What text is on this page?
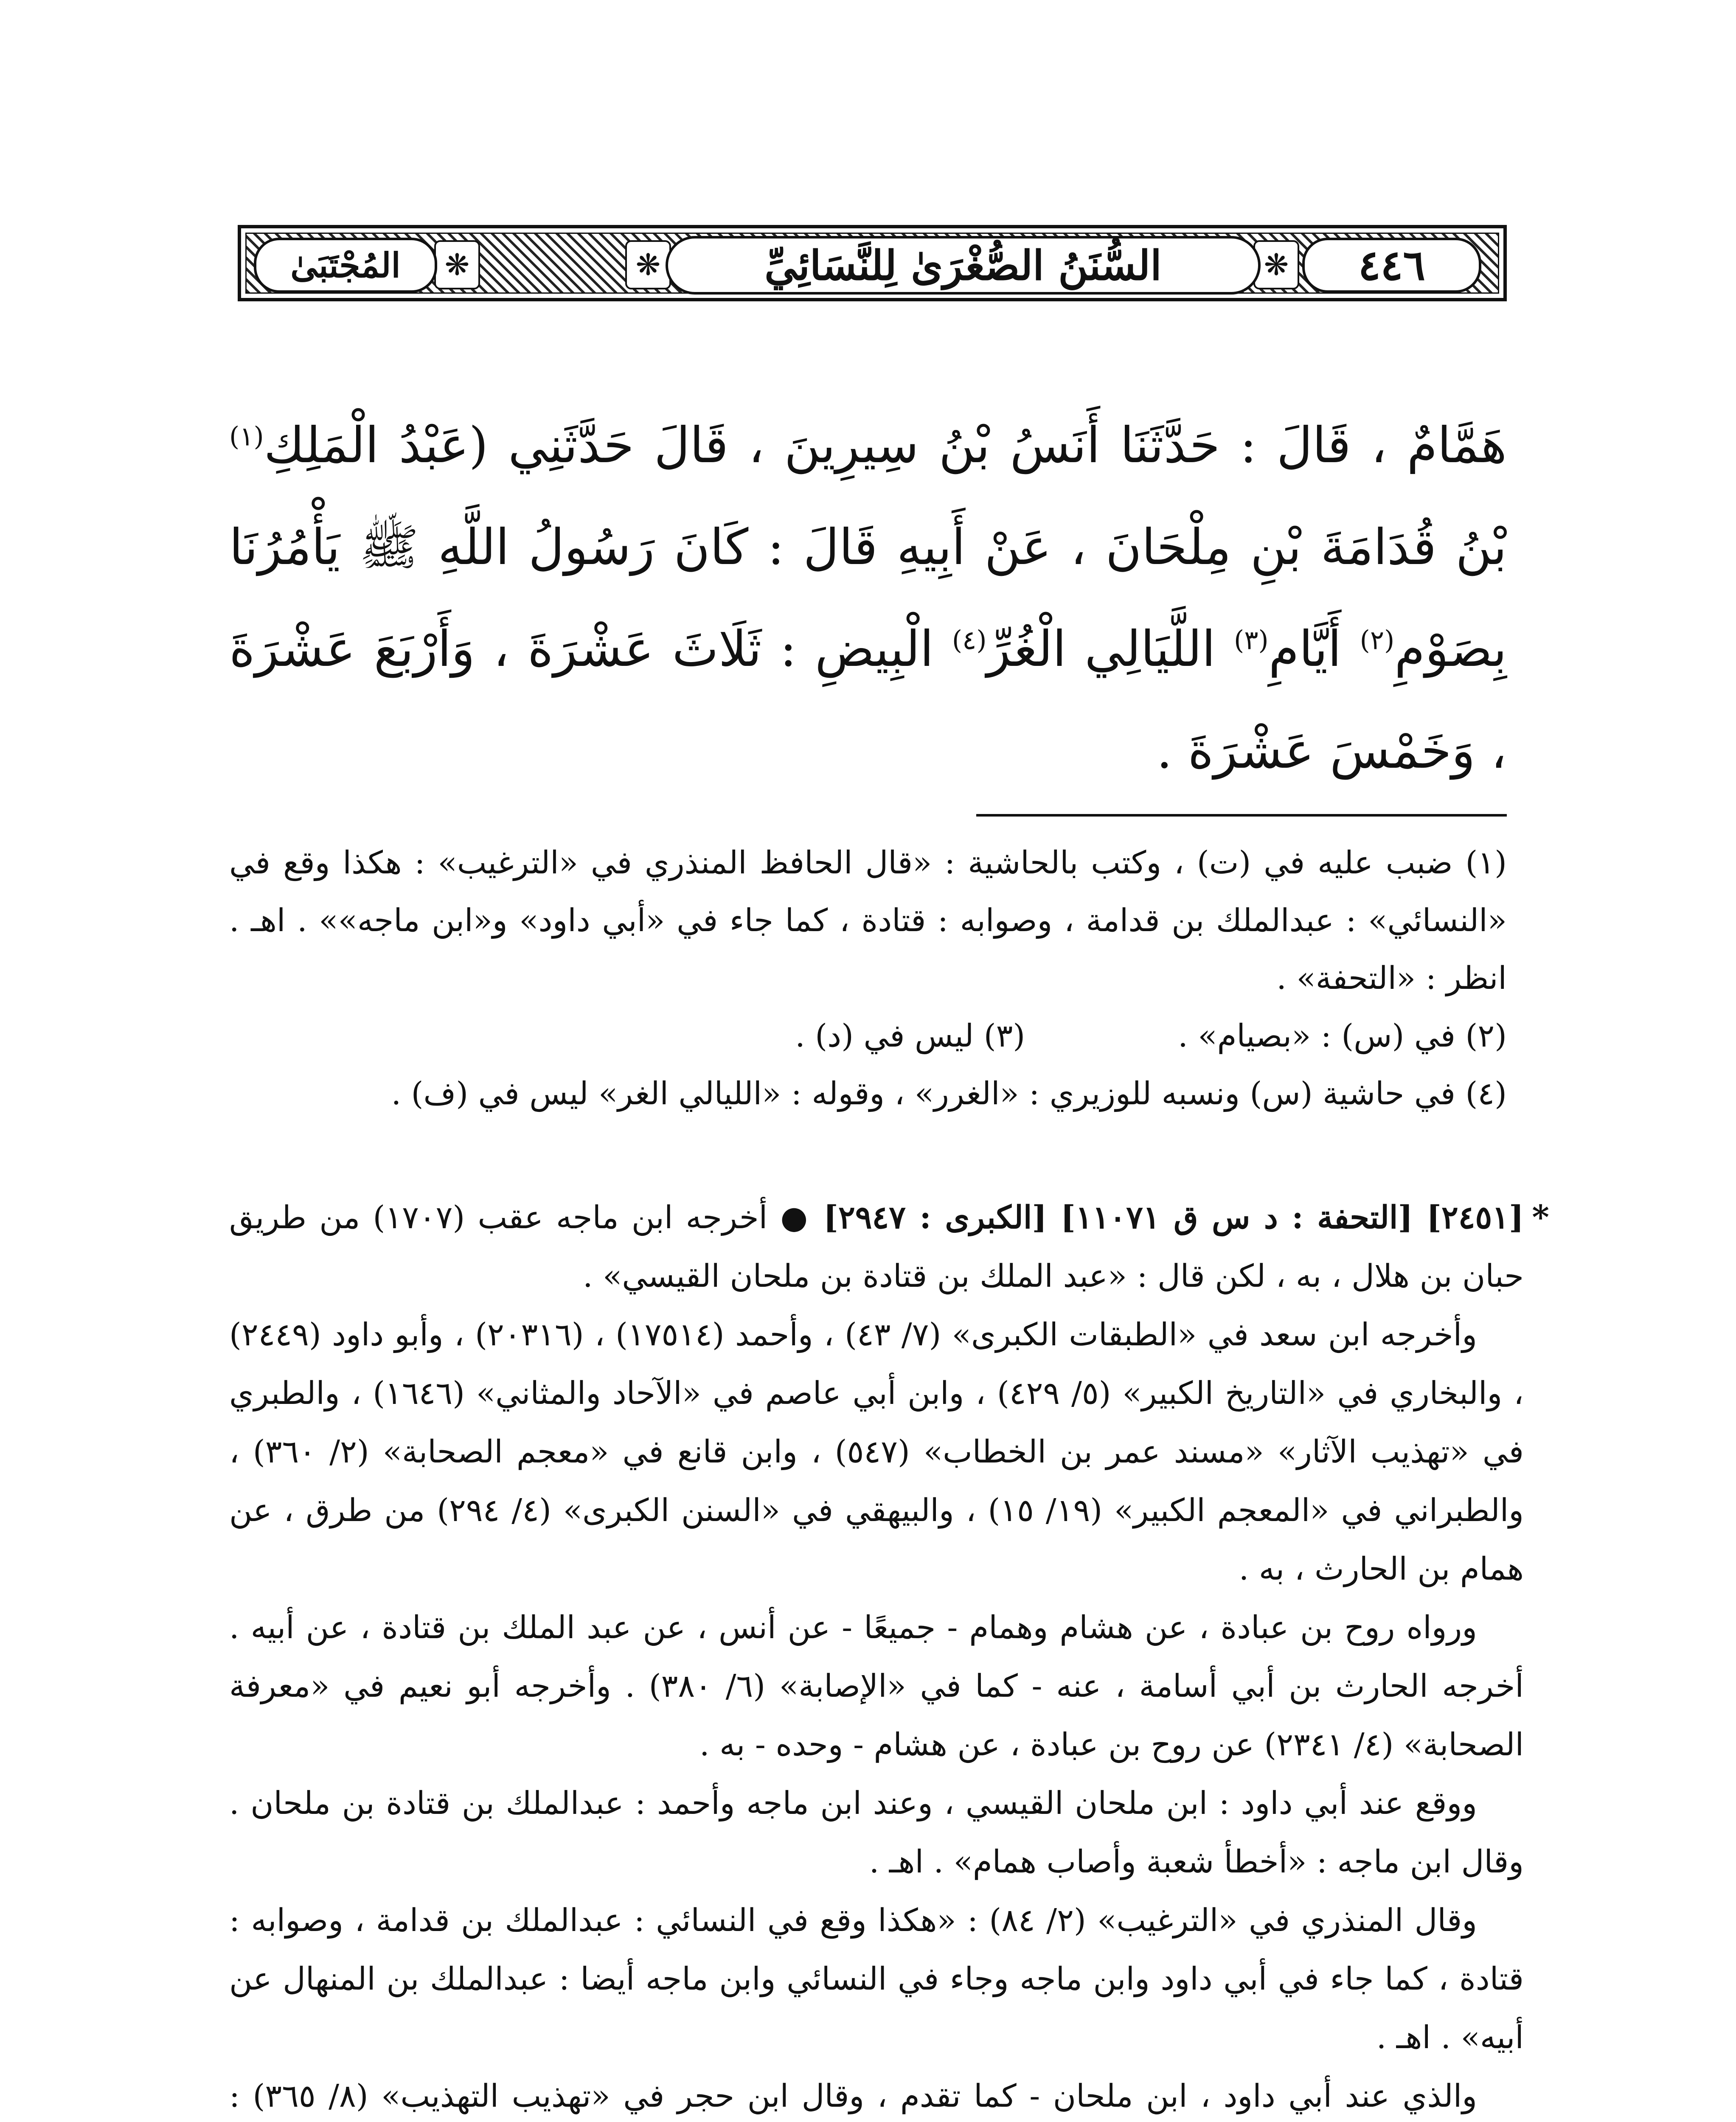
٤٤٦
❋
❋
❋	السُّنَنُ الصُّغْرَىٰ لِلنَّسَائِيِّ
المُجْتَبَىٰ
هَمَّامٌ ، قَالَ : حَدَّثَنَا أَنَسُ بْنُ سِيرِينَ ، قَالَ حَدَّثَنِي (عَبْدُ الْمَلِكِ$^{(١)}$ بْنُ قُدَامَةَ بْنِ مِلْحَانَ ، عَنْ أَبِيهِ قَالَ : كَانَ رَسُولُ اللَّهِ ﷺ يَأْمُرُنَا بِصَوْمِ$^{(٢)}$ أَيَّامِ$^{(٣)}$ اللَّيَالِي الْغُرِّ$^{(٤)}$ الْبِيضِ : ثَلَاثَ عَشْرَةَ ، وَأَرْبَعَ عَشْرَةَ ، وَخَمْسَ عَشْرَةَ .

(١) ضبب عليه في (ت) ، وكتب بالحاشية : «قال الحافظ المنذري في «الترغيب» : هكذا وقع في «النسائي» : عبدالملك بن قدامة ، وصوابه : قتادة ، كما جاء في «أبي داود» و«ابن ماجه»» . اهـ . انظر : «التحفة» .

(٢) في (س) : «بصيام» .
(٣) ليس في (د) .

(٤) في حاشية (س) ونسبه للوزيري : «الغرر» ، وقوله : «الليالي الغر» ليس في (ف) .

*
[٢٤٥١] [التحفة : د س ق ١١٠٧١] [الكبرى : ٢٩٤٧] ● أخرجه ابن ماجه عقب (١٧٠٧) من طريق حبان بن هلال ، به ، لكن قال : «عبد الملك بن قتادة بن ملحان القيسي» .

وأخرجه ابن سعد في «الطبقات الكبرى» (٧/ ٤٣) ، وأحمد (١٧٥١٤) ، (٢٠٣١٦) ، وأبو داود (٢٤٤٩) ، والبخاري في «التاريخ الكبير» (٥/ ٤٢٩) ، وابن أبي عاصم في «الآحاد والمثاني» (١٦٤٦) ، والطبري في «تهذيب الآثار» «مسند عمر بن الخطاب» (٥٤٧) ، وابن قانع في «معجم الصحابة» (٢/ ٣٦٠) ، والطبراني في «المعجم الكبير» (١٩/ ١٥) ، والبيهقي في «السنن الكبرى» (٤/ ٢٩٤) من طرق ، عن همام بن الحارث ، به .

ورواه روح بن عبادة ، عن هشام وهمام - جميعًا - عن أنس ، عن عبد الملك بن قتادة ، عن أبيه . أخرجه الحارث بن أبي أسامة ، عنه - كما في «الإصابة» (٦/ ٣٨٠) . وأخرجه أبو نعيم في «معرفة الصحابة» (٤/ ٢٣٤١) عن روح بن عبادة ، عن هشام - وحده - به .

ووقع عند أبي داود : ابن ملحان القيسي ، وعند ابن ماجه وأحمد : عبدالملك بن قتادة بن ملحان . وقال ابن ماجه : «أخطأ شعبة وأصاب همام» . اهـ .

وقال المنذري في «الترغيب» (٢/ ٨٤) : «هكذا وقع في النسائي : عبدالملك بن قدامة ، وصوابه : قتادة ، كما جاء في أبي داود وابن ماجه وجاء في النسائي وابن ماجه أيضا : عبدالملك بن المنهال عن أبيه» . اهـ .

والذي عند أبي داود ، ابن ملحان - كما تقدم ، وقال ابن حجر في «تهذيب التهذيب» (٨/ ٣٦٥) :
